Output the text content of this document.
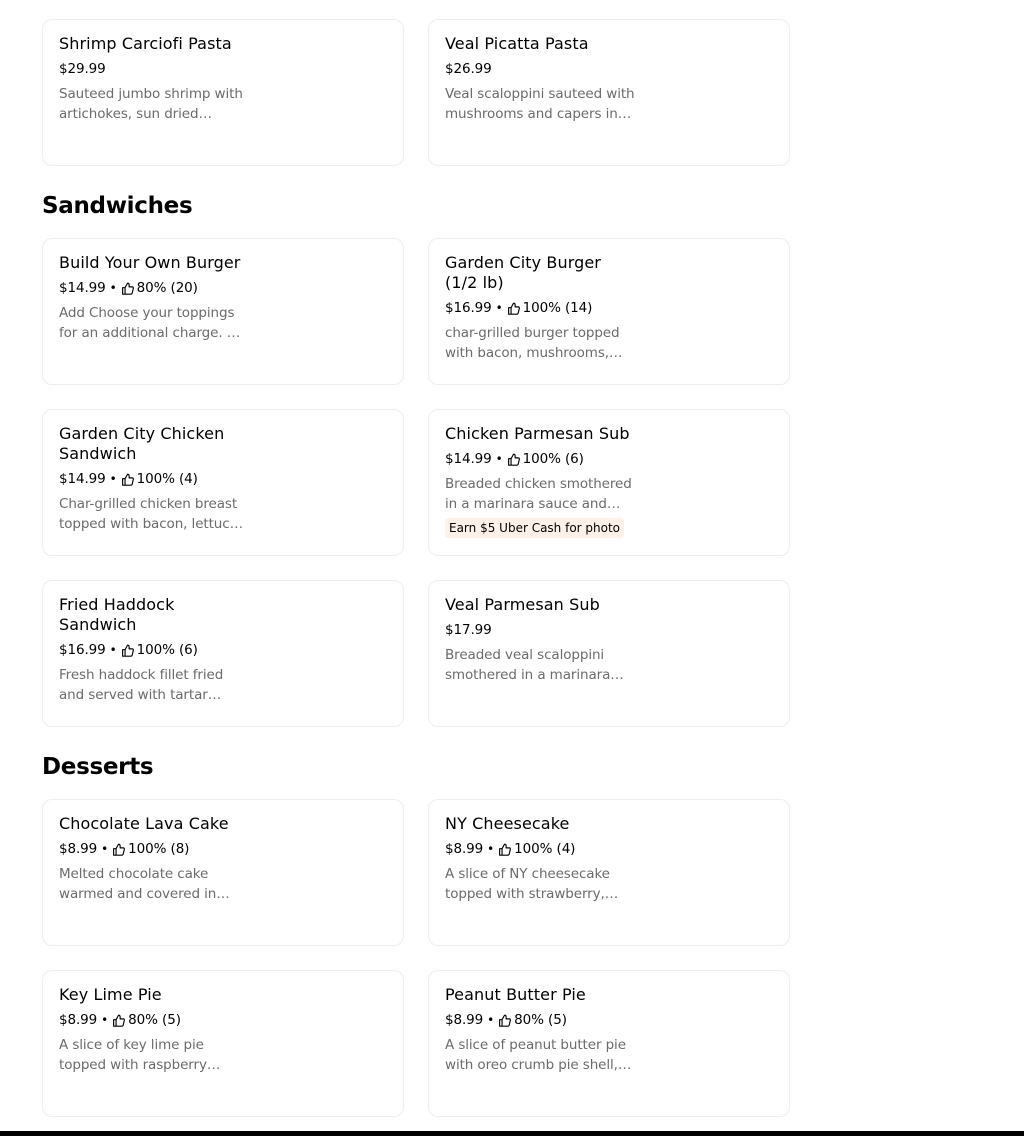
Shrimp Carciofi Pasta
$29.99
Sauteed jumbo shrimp with artichokes, sun dried
Veal Picatta Pasta
$26.99
Veal scaloppini sauteed with mushrooms and capers in a
Sandwiches
Build Your Own Burger
$14.99 • 80% (20)
Add Choose your toppings for an additional charge. All
Garden City Burger (1/2 lb)
$16.99 • 100% (14)
char-grilled burger topped with bacon, mushrooms,
Garden City Chicken Sandwich
$14.99 • 100% (4)
Char-grilled chicken breast topped with bacon, lettuce,
Chicken Parmesan Sub
$14.99 • 100% (6)
Breaded chicken smothered in a marinara sauce and
Earn $5 Uber Cash for photo
Fried Haddock Sandwich
$16.99 • 100% (6)
Fresh haddock fillet fried and served with tartar
Veal Parmesan Sub
$17.99
Breaded veal scaloppini smothered in a marinara
Desserts
Chocolate Lava Cake
$8.99 • 100% (8)
Melted chocolate cake warmed and covered in
NY Cheesecake
$8.99 • 100% (4)
A slice of NY cheesecake topped with strawberry,
Key Lime Pie
$8.99 • 80% (5)
A slice of key lime pie topped with raspberry
Peanut Butter Pie
$8.99 • 80% (5)
A slice of peanut butter pie with oreo crumb pie shell,
